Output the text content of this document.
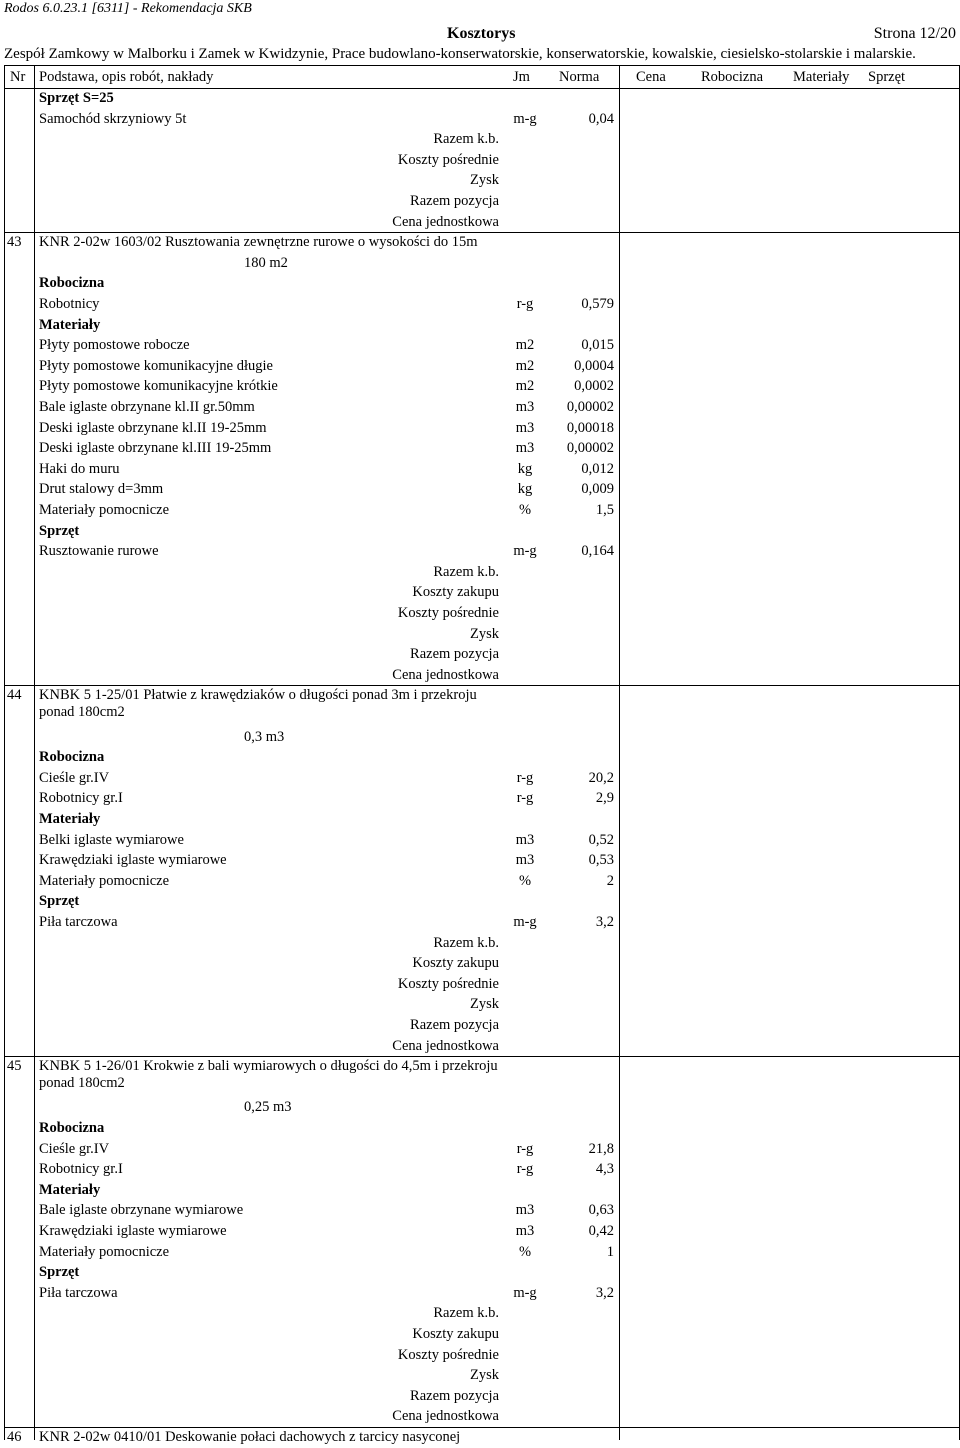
Rodos 6.0.23.1 [6311] - Rekomendacja SKB
Kosztorys	Strona 12/20
Zespół Zamkowy w Malborku i Zamek w Kwidzynie, Prace budowlano-konserwatorskie, konserwatorskie, kowalskie, ciesielsko-stolarskie i malarskie.
Nr Podstawa, opis robót, nakłady	Jm Norma	Cena Robocizna Materiały Sprzęt
Sprzęt S=25
Samochód skrzyniowy 5t	m-g	0,04
Razem k.b.
Koszty pośrednie
Zysk
Razem pozycja
Cena jednostkowa
43	KNR 2-02w 1603/02 Rusztowania zewnętrzne rurowe o wysokości do 15m
180 m2
Robocizna
Robotnicy	r-g	0,579
Materiały
Płyty pomostowe robocze	m2	0,015
Płyty pomostowe komunikacyjne długie	m2	0,0004
Płyty pomostowe komunikacyjne krótkie	m2	0,0002
Bale iglaste obrzynane kl.II gr.50mm	m3	0,00002
Deski iglaste obrzynane kl.II 19-25mm	m3	0,00018
Deski iglaste obrzynane kl.III 19-25mm	m3	0,00002
Haki do muru	kg	0,012
Drut stalowy d=3mm	kg	0,009
Materiały pomocnicze	%	1,5
Sprzęt
Rusztowanie rurowe	m-g	0,164
Razem k.b.
Koszty zakupu
Koszty pośrednie
Zysk
Razem pozycja
Cena jednostkowa
44	KNBK 5 1-25/01 Płatwie z krawędziaków o długości ponad 3m i przekroju ponad 180cm2
0,3 m3
Robocizna
Cieśle gr.IV	r-g	20,2
Robotnicy gr.I	r-g	2,9
Materiały
Belki iglaste wymiarowe	m3	0,52
Krawędziaki iglaste wymiarowe	m3	0,53
Materiały pomocnicze	%	2
Sprzęt
Piła tarczowa	m-g	3,2
Razem k.b.
Koszty zakupu
Koszty pośrednie
Zysk
Razem pozycja
Cena jednostkowa
45	KNBK 5 1-26/01 Krokwie z bali wymiarowych o długości do 4,5m i przekroju ponad 180cm2
0,25 m3
Robocizna
Cieśle gr.IV	r-g	21,8
Robotnicy gr.I	r-g	4,3
Materiały
Bale iglaste obrzynane wymiarowe	m3	0,63
Krawędziaki iglaste wymiarowe	m3	0,42
Materiały pomocnicze	%	1
Sprzęt
Piła tarczowa	m-g	3,2
Razem k.b.
Koszty zakupu
Koszty pośrednie
Zysk
Razem pozycja
Cena jednostkowa
46	KNR 2-02w 0410/01 Deskowanie połaci dachowych z tarcicy nasyconej
